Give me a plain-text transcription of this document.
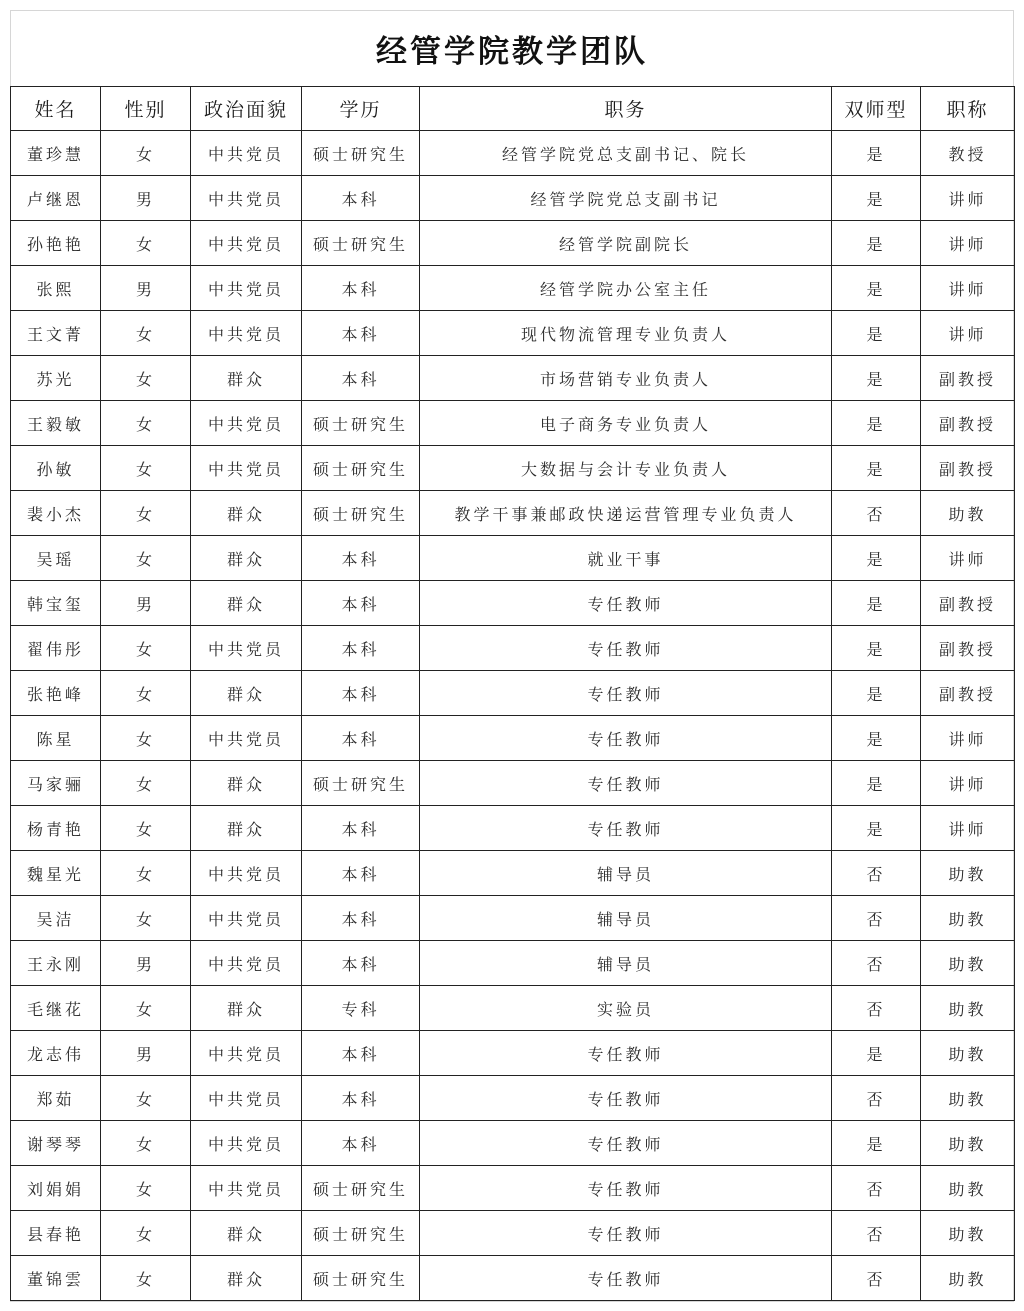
经管学院教学团队
姓名	性别	政治面貌	学历	职务	双师型	职称
董珍慧	女	中共党员	硕士研究生	经管学院党总支副书记、院长	是	教授
卢继恩	男	中共党员	本科	经管学院党总支副书记	是	讲师
孙艳艳	女	中共党员	硕士研究生	经管学院副院长	是	讲师
张熙	男	中共党员	本科	经管学院办公室主任	是	讲师
王文菁	女	中共党员	本科	现代物流管理专业负责人	是	讲师
苏光	女	群众	本科	市场营销专业负责人	是	副教授
王毅敏	女	中共党员	硕士研究生	电子商务专业负责人	是	副教授
孙敏	女	中共党员	硕士研究生	大数据与会计专业负责人	是	副教授
裴小杰	女	群众	硕士研究生	教学干事兼邮政快递运营管理专业负责人	否	助教
吴瑶	女	群众	本科	就业干事	是	讲师
韩宝玺	男	群众	本科	专任教师	是	副教授
翟伟彤	女	中共党员	本科	专任教师	是	副教授
张艳峰	女	群众	本科	专任教师	是	副教授
陈星	女	中共党员	本科	专任教师	是	讲师
马家骊	女	群众	硕士研究生	专任教师	是	讲师
杨青艳	女	群众	本科	专任教师	是	讲师
魏星光	女	中共党员	本科	辅导员	否	助教
吴洁	女	中共党员	本科	辅导员	否	助教
王永刚	男	中共党员	本科	辅导员	否	助教
毛继花	女	群众	专科	实验员	否	助教
龙志伟	男	中共党员	本科	专任教师	是	助教
郑茹	女	中共党员	本科	专任教师	否	助教
谢琴琴	女	中共党员	本科	专任教师	是	助教
刘娟娟	女	中共党员	硕士研究生	专任教师	否	助教
县春艳	女	群众	硕士研究生	专任教师	否	助教
董锦雲	女	群众	硕士研究生	专任教师	否	助教
